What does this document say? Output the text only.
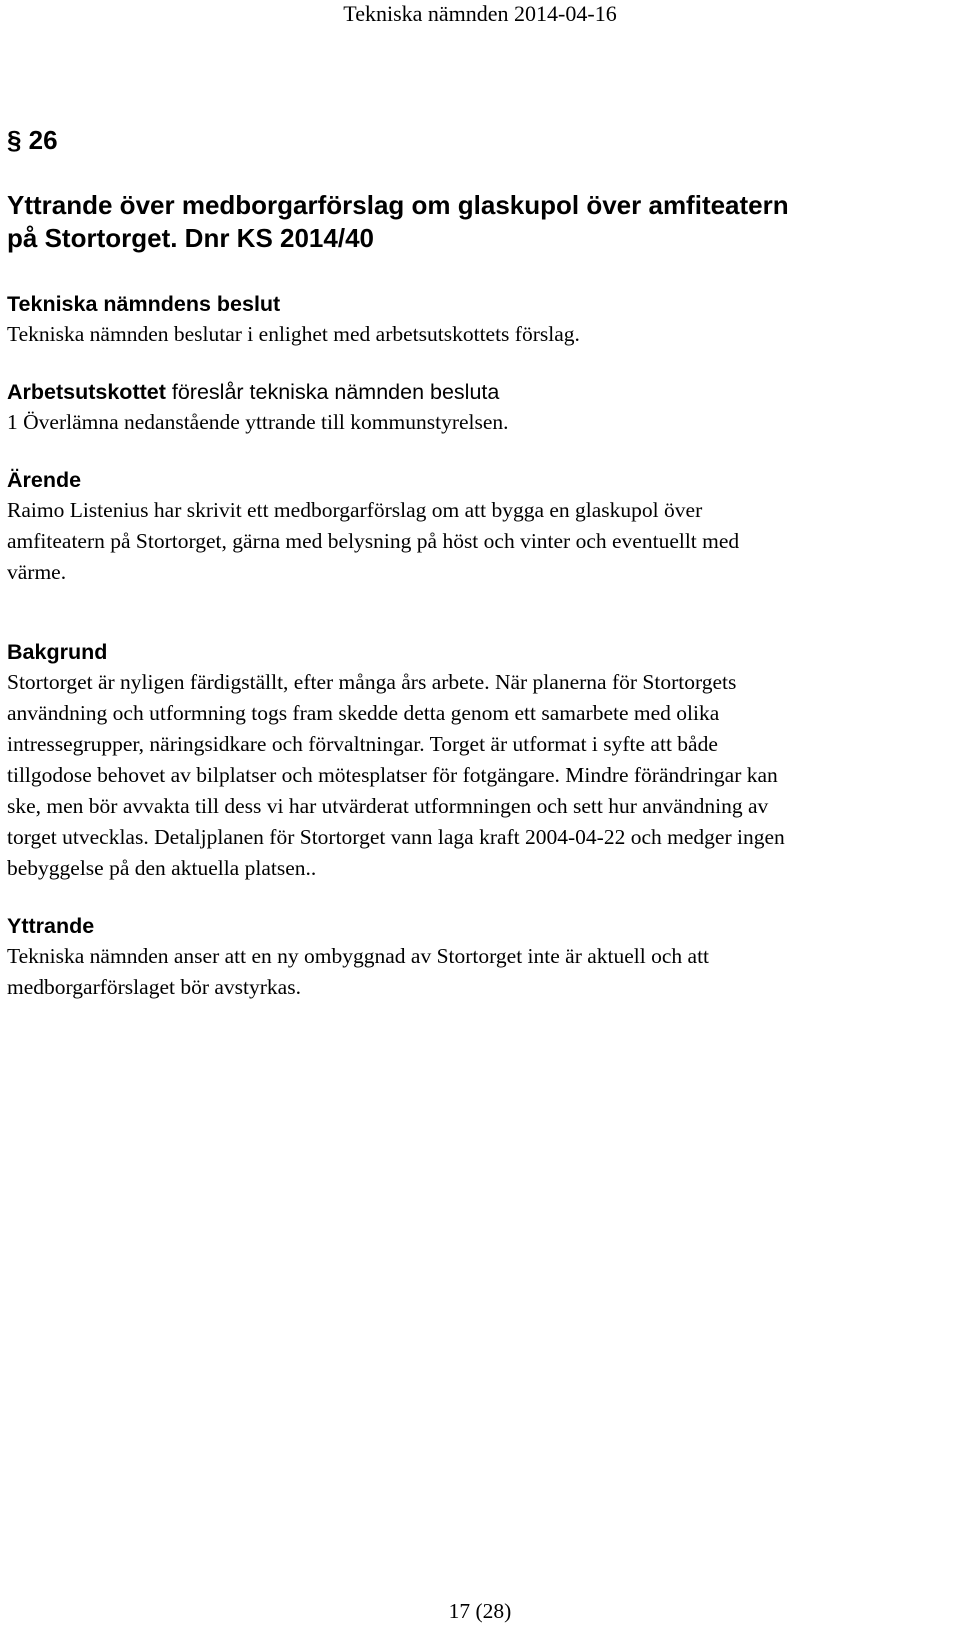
Tekniska nämnden 2014-04-16
§ 26
Yttrande över medborgarförslag om glaskupol över amfiteatern
på Stortorget. Dnr KS 2014/40
Tekniska nämndens beslut

Tekniska nämnden beslutar i enlighet med arbetsutskottets förslag.

Arbetsutskottet föreslår tekniska nämnden besluta

1 Överlämna nedanstående yttrande till kommunstyrelsen.

Ärende

Raimo Listenius har skrivit ett medborgarförslag om att bygga en glaskupol över
amfiteatern på Stortorget, gärna med belysning på höst och vinter och eventuellt med
värme.

Bakgrund

Stortorget är nyligen färdigställt, efter många års arbete. När planerna för Stortorgets
användning och utformning togs fram skedde detta genom ett samarbete med olika
intressegrupper, näringsidkare och förvaltningar. Torget är utformat i syfte att både
tillgodose behovet av bilplatser och mötesplatser för fotgängare. Mindre förändringar kan
ske, men bör avvakta till dess vi har utvärderat utformningen och sett hur användning av
torget utvecklas. Detaljplanen för Stortorget vann laga kraft 2004-04-22 och medger ingen
bebyggelse på den aktuella platsen..

Yttrande

Tekniska nämnden anser att en ny ombyggnad av Stortorget inte är aktuell och att
medborgarförslaget bör avstyrkas.

17 (28)
